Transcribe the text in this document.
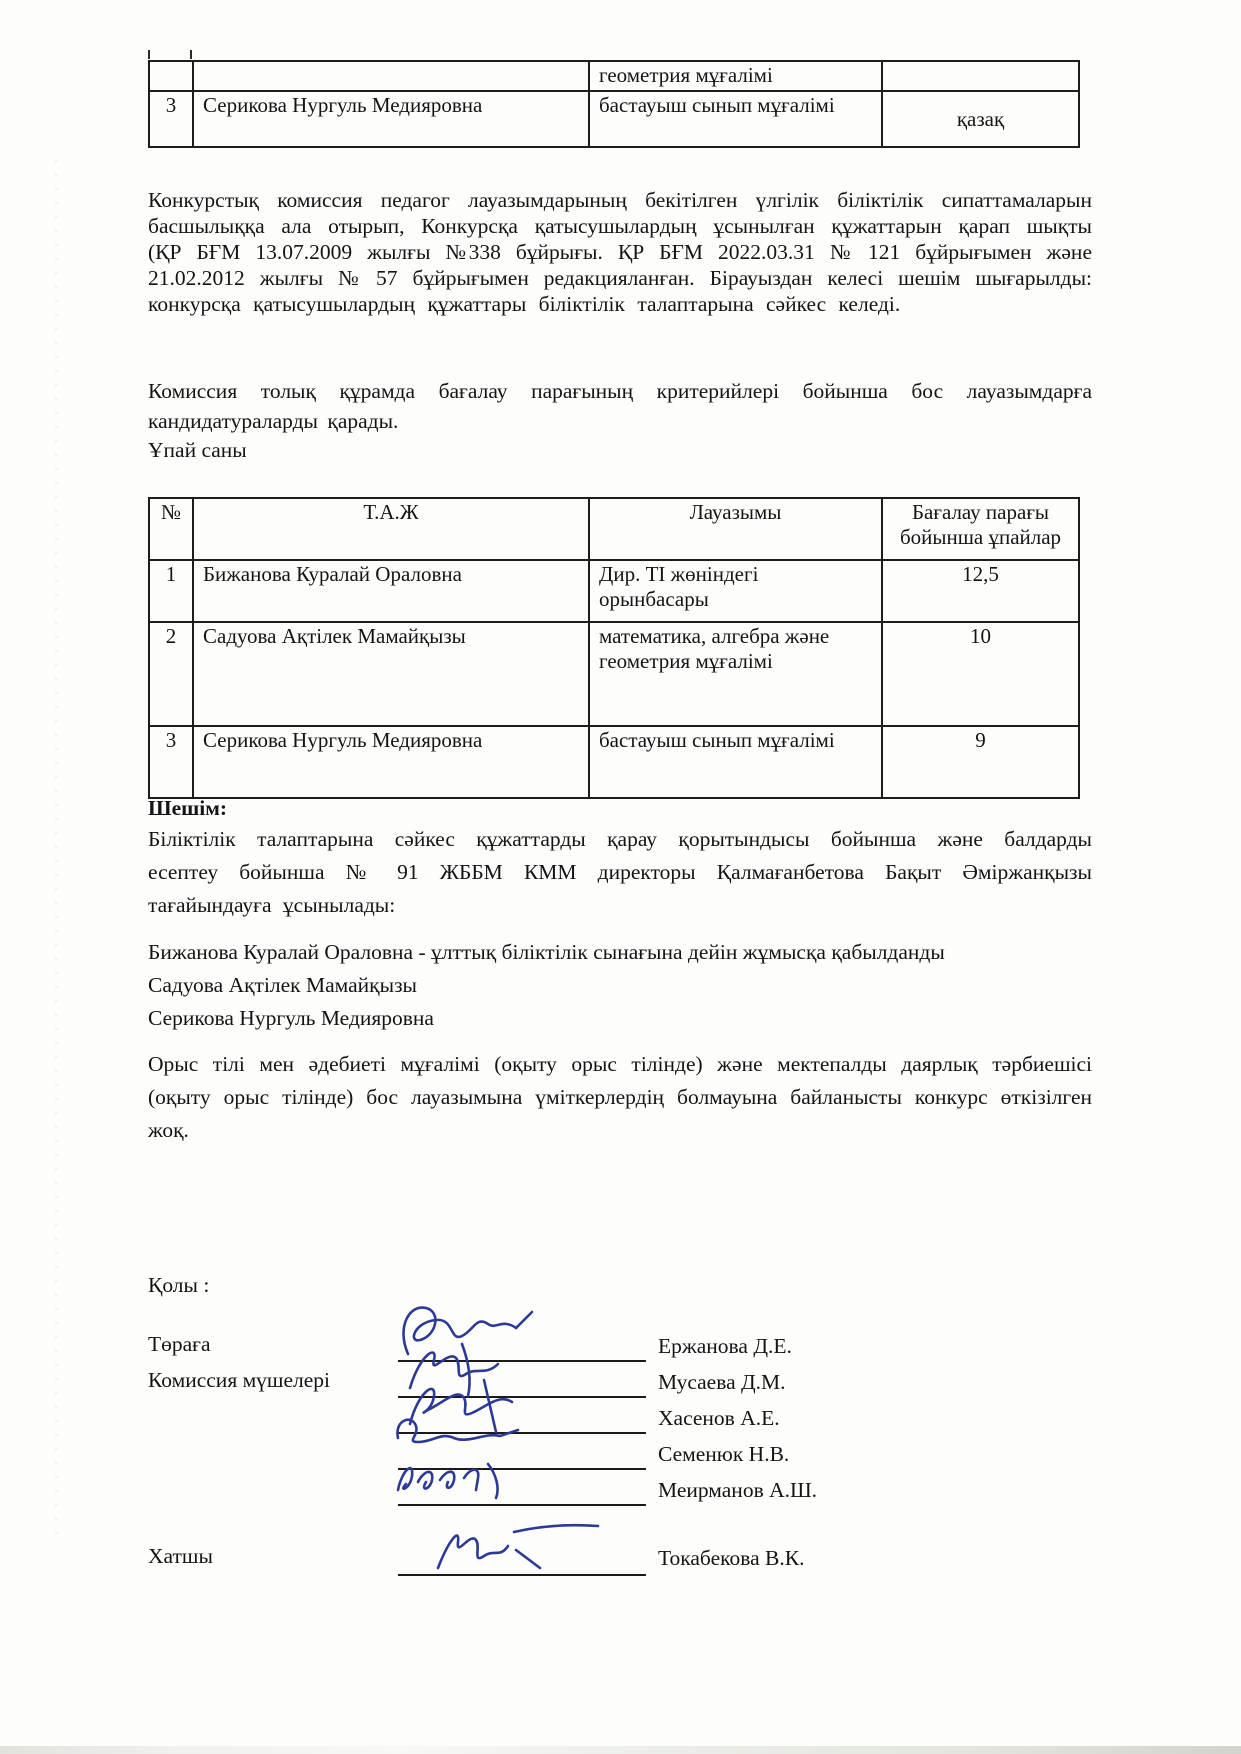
		геометрия мұғалімі	
3	Серикова Нургуль Медияровна	бастауыш сынып мұғалімі	қазақ
Конкурстық комиссия педагог лауазымдарының бекітілген үлгілік біліктілік сипаттамаларын басшылыққа ала отырып, Конкурсқа қатысушылардың ұсынылған құжаттарын қарап шықты (ҚР БҒМ 13.07.2009 жылғы №338 бұйрығы. ҚР БҒМ 2022.03.31 № 121 бұйрығымен және 21.02.2012 жылғы № 57 бұйрығымен редакцияланған. Бірауыздан келесі шешім шығарылды: конкурсқа қатысушылардың құжаттары біліктілік талаптарына сәйкес келеді.
Комиссия толық құрамда бағалау парағының критерийлері бойынша бос лауазымдарға кандидатураларды қарады.
Ұпай саны
№	Т.А.Ж	Лауазымы	Бағалау парағы бойынша ұпайлар
1	Бижанова Куралай Ораловна	Дир. ТІ жөніндегі орынбасары	12,5
2	Садуова Ақтілек Мамайқызы	математика, алгебра және геометрия мұғалімі	10
3	Серикова Нургуль Медияровна	бастауыш сынып мұғалімі	9
Шешім:
Біліктілік талаптарына сәйкес құжаттарды қарау қорытындысы бойынша және балдарды есептеу бойынша № 91 ЖББМ КММ директоры Қалмағанбетова Бақыт Әміржанқызы тағайындауға ұсынылады:
Бижанова Куралай Ораловна - ұлттық біліктілік сынағына дейін жұмысқа қабылданды
Садуова Ақтілек Мамайқызы
Серикова Нургуль Медияровна
Орыс тілі мен әдебиеті мұғалімі (оқыту орыс тілінде) және мектепалды даярлық тәрбиешісі (оқыту орыс тілінде) бос лауазымына үміткерлердің болмауына байланысты конкурс өткізілген жоқ.
Қолы :
Төраға
Комиссия мүшелері
Хатшы
Ержанова Д.Е.
Мусаева Д.М.
Хасенов А.Е.
Семенюк Н.В.
Меирманов А.Ш.
Токабекова В.К.
